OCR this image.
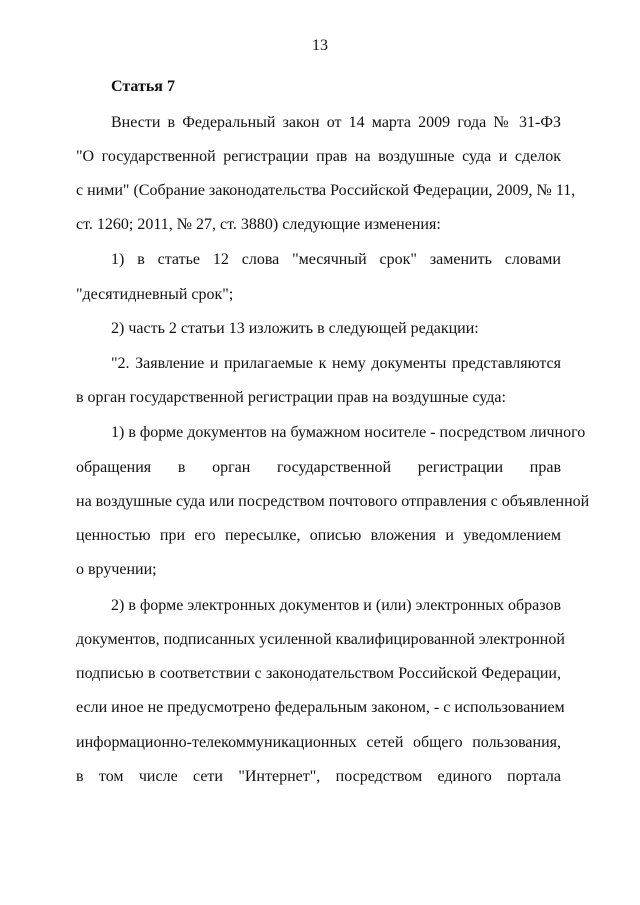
13
Статья 7
Внести в Федеральный закон от 14 марта 2009 года № 31-ФЗ
"О государственной регистрации прав на воздушные суда и сделок
с ними" (Собрание законодательства Российской Федерации, 2009, № 11,
ст. 1260; 2011, № 27, ст. 3880) следующие изменения:
1) в статье 12 слова "месячный срок" заменить словами
"десятидневный срок";
2) часть 2 статьи 13 изложить в следующей редакции:
"2. Заявление и прилагаемые к нему документы представляются
в орган государственной регистрации прав на воздушные суда:
1) в форме документов на бумажном носителе - посредством личного
обращения в орган государственной регистрации прав
на воздушные суда или посредством почтового отправления с объявленной
ценностью при его пересылке, описью вложения и уведомлением
о вручении;
2) в форме электронных документов и (или) электронных образов
документов, подписанных усиленной квалифицированной электронной
подписью в соответствии с законодательством Российской Федерации,
если иное не предусмотрено федеральным законом, - с использованием
информационно-телекоммуникационных сетей общего пользования,
в том числе сети "Интернет", посредством единого портала
